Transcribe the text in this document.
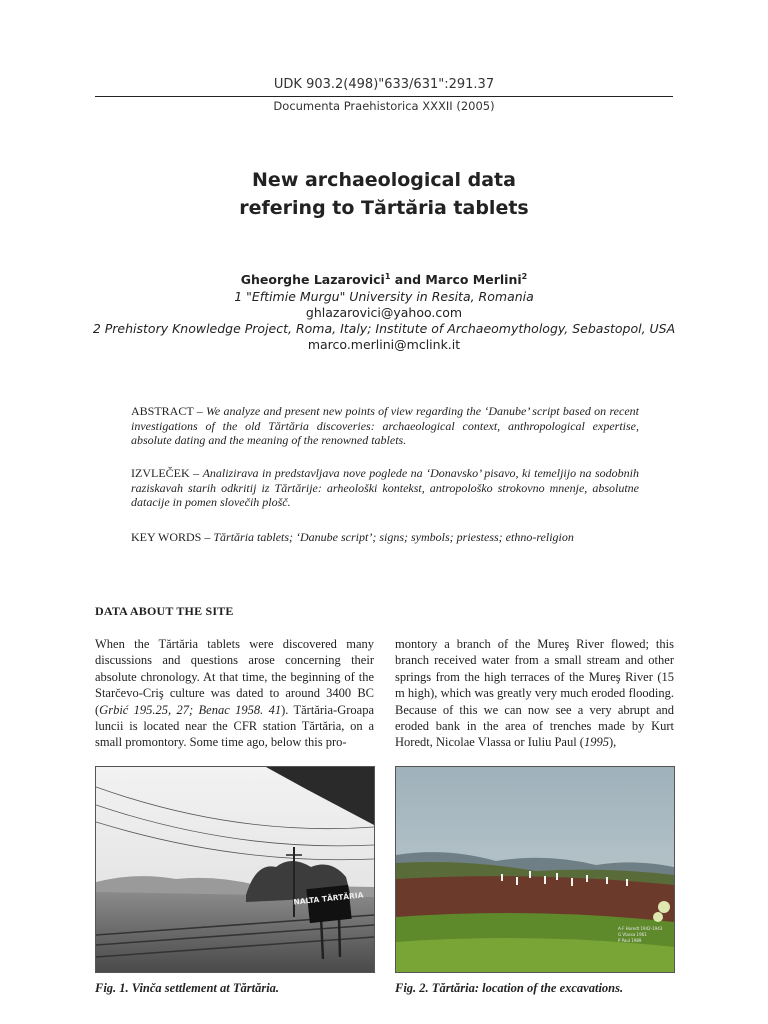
UDK 903.2(498)"633/631":291.37
Documenta Praehistorica XXXII (2005)
New archaeological data
refering to Tărtăria tablets
Gheorghe Lazarovici$^1$ and Marco Merlini$^2$
1 "Eftimie Murgu" University in Resita, Romania
ghlazarovici@yahoo.com
2 Prehistory Knowledge Project, Roma, Italy; Institute of Archaeomythology, Sebastopol, USA
marco.merlini@mclink.it
ABSTRACT – We analyze and present new points of view regarding the ‘Danube’ script based on recent investigations of the old Tărtăria discoveries: archaeological context, anthropological expertise, absolute dating and the meaning of the renowned tablets.
IZVLEČEK – Analizirava in predstavljava nove poglede na ‘Donavsko’ pisavo, ki temeljijo na sodobnih raziskavah starih odkritij iz Tărtărije: arheološki kontekst, antropološko strokovno mnenje, absolutne datacije in pomen slovečih plošč.
KEY WORDS – Tărtăria tablets; ‘Danube script’; signs; symbols; priestess; ethno-religion
DATA ABOUT THE SITE
When the Tărtăria tablets were discovered many discussions and questions arose concerning their absolute chronology. At that time, the beginning of the Starčevo-Criş culture was dated to around 3400 BC (Grbić 195.25, 27; Benac 1958. 41). Tărtăria-Groapa luncii is located near the CFR station Tărtăria, on a small promontory. Some time ago, below this pro-
montory a branch of the Mureş River flowed; this branch received water from a small stream and other springs from the high terraces of the Mureş River (15 m high), which was greatly very much eroded flooding. Because of this we can now see a very abrupt and eroded bank in the area of trenches made by Kurt Horedt, Nicolae Vlassa or Iuliu Paul (1995),
NALTA TĂRTĂRIA
A-F Horedt 1942-1943
G Vlassa 1961
P Paul 1989
Fig. 1. Vinča settlement at Tărtăria.	Fig. 2. Tărtăria: location of the excavations.
